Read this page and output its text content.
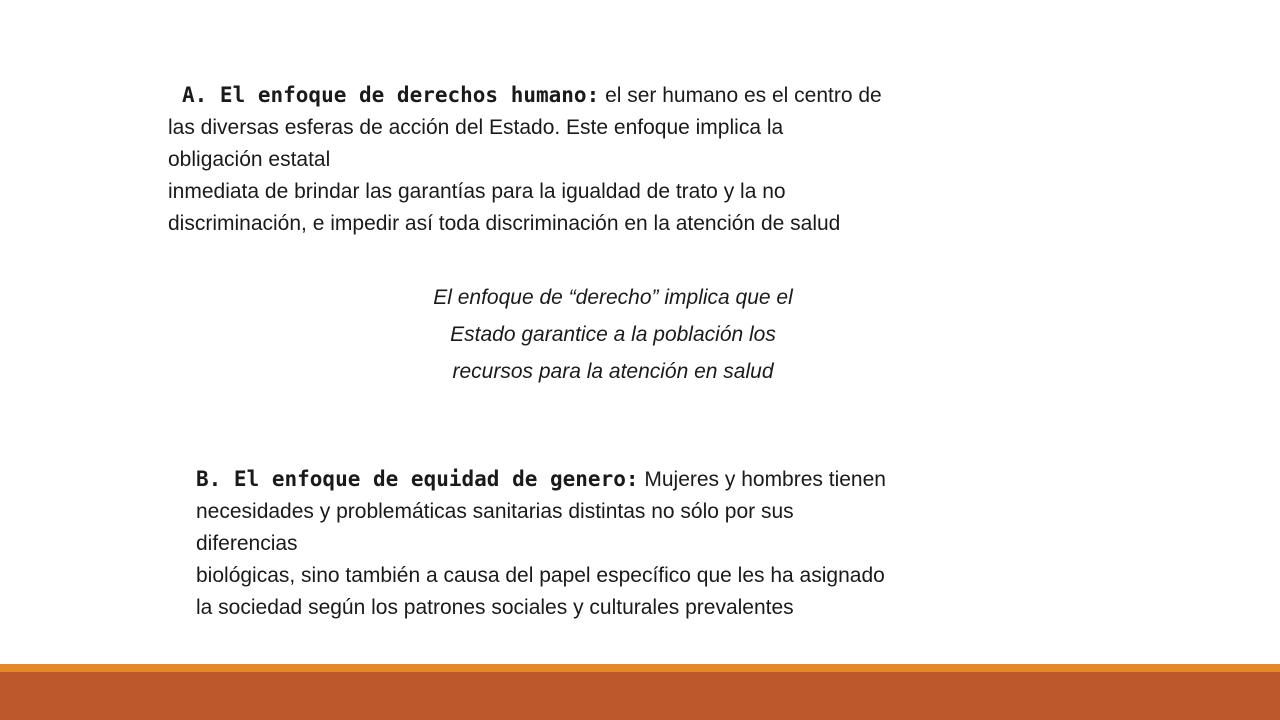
A. El enfoque de derechos humano: el ser humano es el centro de
las diversas esferas de acción del Estado. Este enfoque implica la
obligación estatal
inmediata de brindar las garantías para la igualdad de trato y la no
discriminación, e impedir así toda discriminación en la atención de salud
El enfoque de “derecho” implica que el
Estado garantice a la población los
recursos para la atención en salud
B. El enfoque de equidad de genero: Mujeres y hombres tienen
necesidades y problemáticas sanitarias distintas no sólo por sus
diferencias
biológicas, sino también a causa del papel específico que les ha asignado
la sociedad según los patrones sociales y culturales prevalentes
